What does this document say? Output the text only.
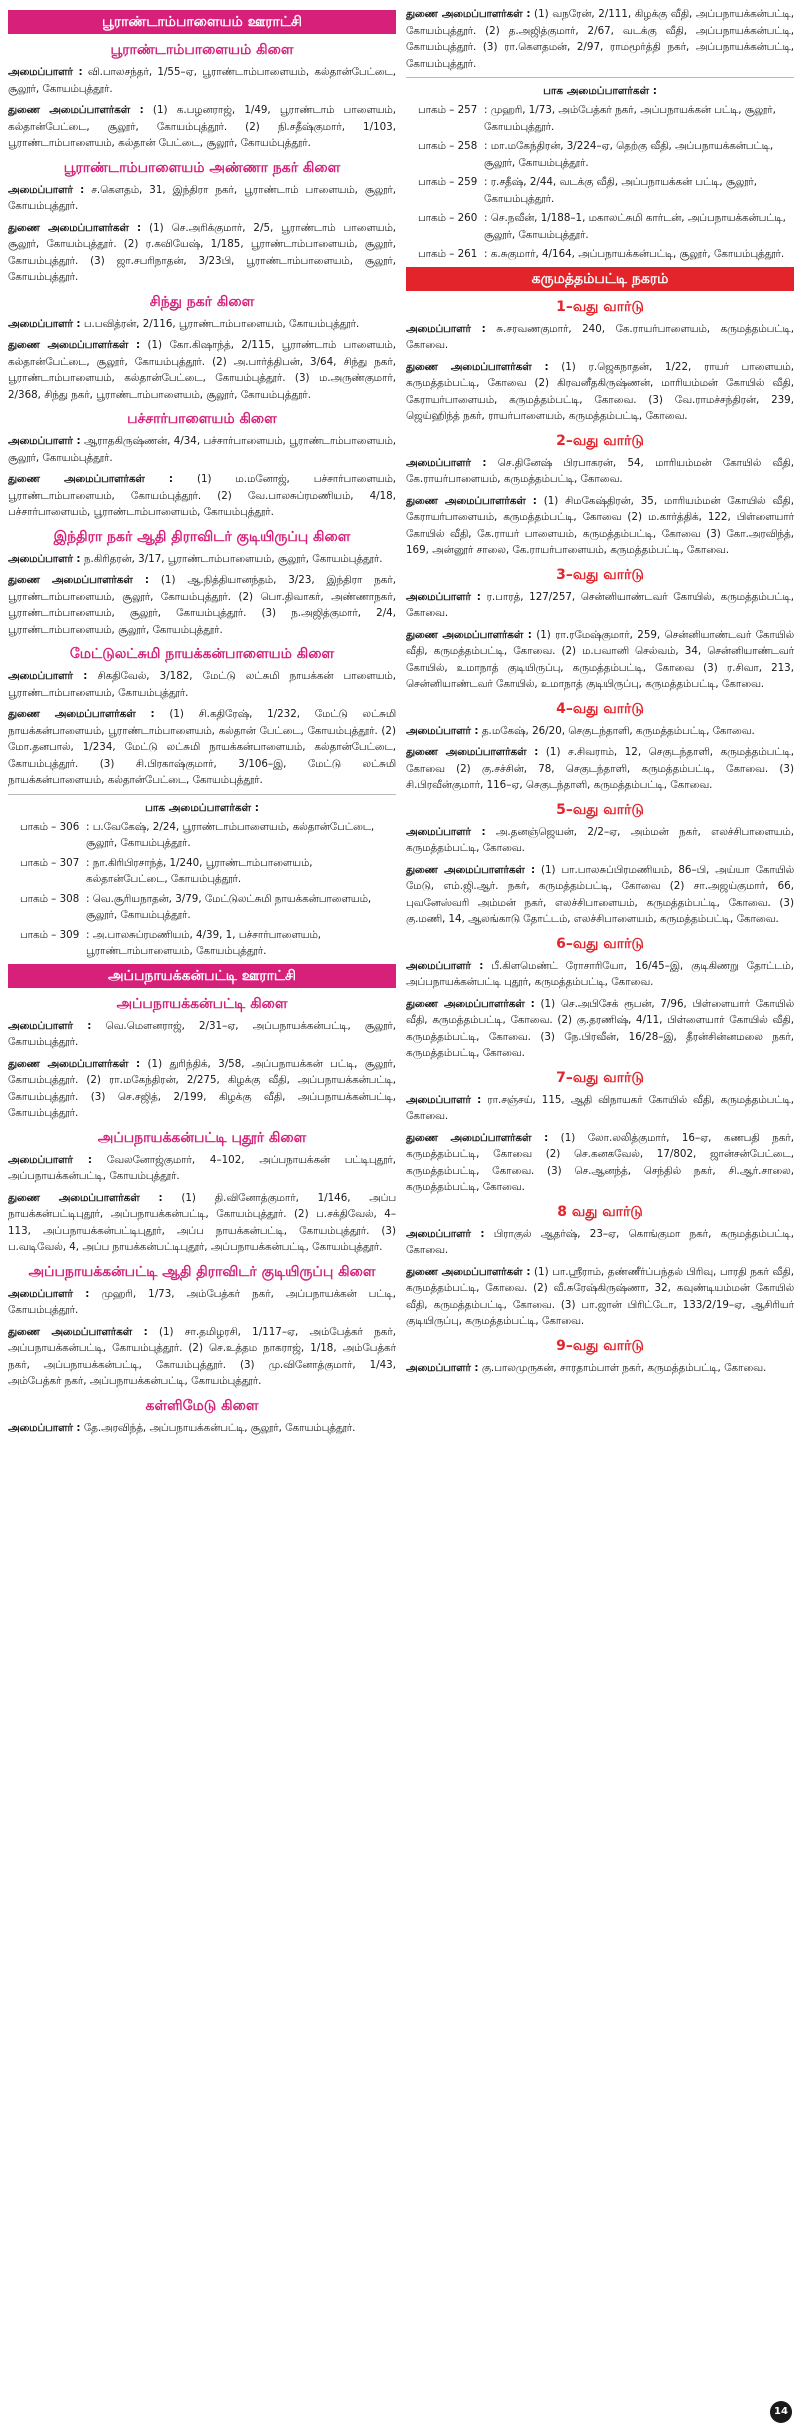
பூராண்டாம்பாளையம் ஊராட்சி
பூராண்டாம்பாளையம் கிளை

அமைப்பாளர் : வி.பாலசந்தர், 1/55–ஏ, பூராண்டாம்பாளையம், கல்தான்பேட்டை, சூலூர், கோயம்புத்தூர்.

துணை அமைப்பாளர்கள் : (1) க.பழனராஜ், 1/49, பூராண்டாம் பாளையம், கல்தான்பேட்டை, சூலூர், கோயம்புத்தூர். (2) நி.சதீஷ்குமார், 1/103, பூராண்டாம்பாளையம், கல்தான் பேட்டை, சூலூர், கோயம்புத்தூர்.

பூராண்டாம்பாளையம் அண்ணா நகர் கிளை

அமைப்பாளர் : ச.கௌதம், 31, இந்திரா நகர், பூராண்டாம் பாளையம், சூலூர், கோயம்புத்தூர்.

துணை அமைப்பாளர்கள் : (1) செ.அரிக்குமார், 2/5, பூராண்டாம் பாளையம், சூலூர், கோயம்புத்தூர். (2) ர.கவியேஷ், 1/185, பூராண்டாம்பாளையம், சூலூர், கோயம்புத்தூர். (3) ஜா.சபரிநாதன், 3/23பி, பூராண்டாம்பாளையம், சூலூர், கோயம்புத்தூர்.

சிந்து நகர் கிளை

அமைப்பாளர் : ப.பவித்ரன், 2/116, பூராண்டாம்பாளையம், கோயம்புத்தூர்.

துணை அமைப்பாளர்கள் : (1) கோ.கிஷாந்த், 2/115, பூராண்டாம் பாளையம், கல்தான்பேட்டை, சூலூர், கோயம்புத்தூர். (2) அ.பார்த்திபன், 3/64, சிந்து நகர், பூராண்டாம்பாளையம், கல்தான்பேட்டை, கோயம்புத்தூர். (3) ம.அருண்குமார், 2/368, சிந்து நகர், பூராண்டாம்பாளையம், சூலூர், கோயம்புத்தூர்.

பச்சார்பாளையம் கிளை

அமைப்பாளர் : ஆராதகிருஷ்ணன், 4/34, பச்சார்பாளையம், பூராண்டாம்பாளையம், சூலூர், கோயம்புத்தூர்.

துணை அமைப்பாளர்கள் : (1) ம.மனோஜ், பச்சார்பாளையம், பூராண்டாம்பாளையம், கோயம்புத்தூர். (2) வே.பாலசுப்ரமணியம், 4/18, பச்சார்பாளையம், பூராண்டாம்பாளையம், கோயம்புத்தூர்.

இந்திரா நகர் ஆதி திராவிடர் குடியிருப்பு கிளை

அமைப்பாளர் : ந.கிரிதரன், 3/17, பூராண்டாம்பாளையம், சூலூர், கோயம்புத்தூர்.

துணை அமைப்பாளர்கள் : (1) ஆ.நித்தியானந்தம், 3/23, இந்திரா நகர், பூராண்டாம்பாளையம், சூலூர், கோயம்புத்தூர். (2) பொ.திவாகர், அண்ணாநகர், பூராண்டாம்பாளையம், சூலூர், கோயம்புத்தூர். (3) ந.அஜித்குமார், 2/4, பூராண்டாம்பாளையம், சூலூர், கோயம்புத்தூர்.

மேட்டுலட்சுமி நாயக்கன்பாளையம் கிளை

அமைப்பாளர் : சிகதிவேல், 3/182, மேட்டு லட்சுமி நாயக்கன் பாளையம், பூராண்டாம்பாளையம், கோயம்புத்தூர்.

துணை அமைப்பாளர்கள் : (1) சி.கதிரேஷ், 1/232, மேட்டு லட்சுமி நாயக்கன்பாளையம், பூராண்டாம்பாளையம், கல்தான் பேட்டை, கோயம்புத்தூர். (2) மோ.தனபால், 1/234, மேட்டு லட்சுமி நாயக்கன்பாளையம், கல்தான்பேட்டை, கோயம்புத்தூர். (3) சி.பிரகாஷ்குமார், 3/106–இ, மேட்டு லட்சுமி நாயக்கன்பாளையம், கல்தான்பேட்டை, கோயம்புத்தூர்.

பாக அமைப்பாளர்கள் :
பாகம் – 306 : ப.வேகேஷ், 2/24, பூராண்டாம்பாளையம், கல்தான்பேட்டை, சூலூர், கோயம்புத்தூர்.
பாகம் – 307 : நா.கிரிபிரசாந்த், 1/240, பூராண்டாம்பாளையம், கல்தான்பேட்டை, கோயம்புத்தூர்.
பாகம் – 308 : வெ.சூரியநாதன், 3/79, மேட்டுலட்சுமி நாயக்கன்பாளையம், சூலூர், கோயம்புத்தூர்.
பாகம் – 309 : அ.பாலசுப்ரமணியம், 4/39, 1, பச்சார்பாளையம், பூராண்டாம்பாளையம், கோயம்புத்தூர்.
அப்பநாயக்கன்பட்டி ஊராட்சி
அப்பநாயக்கன்பட்டி கிளை

அமைப்பாளர் : வெ.மௌனராஜ், 2/31–ஏ, அப்பநாயக்கன்பட்டி, சூலூர், கோயம்புத்தூர்.

துணை அமைப்பாளர்கள் : (1) துரிந்திக், 3/58, அப்பநாயக்கன் பட்டி, சூலூர், கோயம்புத்தூர். (2) ரா.மகேந்திரன், 2/275, கிழக்கு வீதி, அப்பநாயக்கன்பட்டி, கோயம்புத்தூர். (3) செ.சஜித், 2/199, கிழக்கு வீதி, அப்பநாயக்கன்பட்டி, கோயம்புத்தூர்.

அப்பநாயக்கன்பட்டி புதூர் கிளை

அமைப்பாளர் : வேலனோஜ்குமார், 4–102, அப்பநாயக்கன் பட்டிபுதூர், அப்பநாயக்கன்பட்டி, கோயம்புத்தூர்.

துணை அமைப்பாளர்கள் : (1) தி.வினோத்குமார், 1/146, அப்ப நாயக்கன்பட்டிபுதூர், அப்பநாயக்கன்பட்டி, கோயம்புத்தூர். (2) ப.சக்திவேல், 4–113, அப்பநாயக்கன்பட்டிபுதூர், அப்ப நாயக்கன்பட்டி, கோயம்புத்தூர். (3) ப.வடிவேல், 4, அப்ப நாயக்கன்பட்டிபுதூர், அப்பநாயக்கன்பட்டி, கோயம்புத்தூர்.

அப்பநாயக்கன்பட்டி ஆதி திராவிடர் குடியிருப்பு கிளை

அமைப்பாளர் : முஹரி, 1/73, அம்பேத்கர் நகர், அப்பநாயக்கன் பட்டி, கோயம்புத்தூர்.

துணை அமைப்பாளர்கள் : (1) சா.தமிழரசி, 1/117–ஏ, அம்பேத்கர் நகர், அப்பநாயக்கன்பட்டி, கோயம்புத்தூர். (2) செ.உத்தம நாகராஜ், 1/18, அம்பேத்கர் நகர், அப்பநாயக்கன்பட்டி, கோயம்புத்தூர். (3) மு.வினோத்குமார், 1/43, அம்பேத்கர் நகர், அப்பநாயக்கன்பட்டி, கோயம்புத்தூர்.

கள்ளிமேடு கிளை

அமைப்பாளர் : தே.அரவிந்த், அப்பநாயக்கன்பட்டி, சூலூர், கோயம்புத்தூர்.

துணை அமைப்பாளர்கள் : (1) வநரேன், 2/111, கிழக்கு வீதி, அப்பநாயக்கன்பட்டி, கோயம்புத்தூர். (2) த.அஜித்குமார், 2/67, வடக்கு வீதி, அப்பநாயக்கன்பட்டி, கோயம்புத்தூர். (3) ரா.கௌதமன், 2/97, ராமமூர்த்தி நகர், அப்பநாயக்கன்பட்டி, கோயம்புத்தூர்.

பாக அமைப்பாளர்கள் :
பாகம் – 257 : முஹரி, 1/73, அம்பேத்கர் நகர், அப்பநாயக்கன் பட்டி, சூலூர், கோயம்புத்தூர்.
பாகம் – 258 : மா.மகேந்திரன், 3/224–ஏ, தெற்கு வீதி, அப்பநாயக்கன்பட்டி, சூலூர், கோயம்புத்தூர்.
பாகம் – 259 : ர.சதீஷ், 2/44, வடக்கு வீதி, அப்பநாயக்கன் பட்டி, சூலூர், கோயம்புத்தூர்.
பாகம் – 260 : செ.நவீன், 1/188–1, மகாலட்சுமி கார்டன், அப்பநாயக்கன்பட்டி, சூலூர், கோயம்புத்தூர்.
பாகம் – 261 : க.சுகுமார், 4/164, அப்பநாயக்கன்பட்டி, சூலூர், கோயம்புத்தூர்.
கருமத்தம்பட்டி நகரம்
1–வது வார்டு

அமைப்பாளர் : சு.சரவணகுமார், 240, கே.ராயர்பாளையம், கருமத்தம்பட்டி, கோவை.

துணை அமைப்பாளர்கள் : (1) ர.ஜெகநாதன், 1/22, ராயர் பாளையம், கருமத்தம்பட்டி, கோவை (2) கிரவனீதகிருஷ்ணன், மாரியம்மன் கோயில் வீதி, கேராயர்பாளையம், கருமத்தம்பட்டி, கோவை. (3) வே.ராமச்சந்திரன், 239, ஜெய்ஹிந்த் நகர், ராயர்பாளையம், கருமத்தம்பட்டி, கோவை.

2–வது வார்டு

அமைப்பாளர் : செ.தினேஷ் பிரபாகரன், 54, மாரியம்மன் கோயில் வீதி, கே.ராயர்பாளையம், கருமத்தம்பட்டி, கோவை.

துணை அமைப்பாளர்கள் : (1) சிமகேஷ்திரன், 35, மாரியம்மன் கோயில் வீதி, கேராயர்பாளையம், கருமத்தம்பட்டி, கோவை (2) ம.கார்த்திக், 122, பிள்ளையார் கோயில் வீதி, கே.ராயர் பாளையம், கருமத்தம்பட்டி, கோவை (3) கோ.அரவிந்த், 169, அன்னூர் சாலை, கே.ராயர்பாளையம், கருமத்தம்பட்டி, கோவை.

3–வது வார்டு

அமைப்பாளர் : ர.பாரத், 127/257, சென்னியாண்டவர் கோயில், கருமத்தம்பட்டி, கோவை.

துணை அமைப்பாளர்கள் : (1) ரா.ரமேஷ்குமார், 259, சென்னியாண்டவர் கோயில் வீதி, கருமத்தம்பட்டி, கோவை. (2) ம.பவானி செல்வம், 34, சென்னியாண்டவர் கோயில், உமாநாத் குடியிருப்பு, கருமத்தம்பட்டி, கோவை (3) ர.சிவா, 213, சென்னியாண்டவர் கோயில், உமாநாத் குடியிருப்பு, கருமத்தம்பட்டி, கோவை.

4–வது வார்டு

அமைப்பாளர் : த.மகேஷ், 26/20, செகுடந்தாளி, கருமத்தம்பட்டி, கோவை.

துணை அமைப்பாளர்கள் : (1) ச.சிவராம், 12, செகுடந்தாளி, கருமத்தம்பட்டி, கோவை (2) கு.சச்சின், 78, செகுடந்தாளி, கருமத்தம்பட்டி, கோவை. (3) சி.பிரவீன்குமார், 116–ஏ, செகுடந்தாளி, கருமத்தம்பட்டி, கோவை.

5–வது வார்டு

அமைப்பாளர் : அ.தனஞ்ஜெயன், 2/2–ஏ, அம்மன் நகர், எலச்சிபாளையம், கருமத்தம்பட்டி, கோவை.

துணை அமைப்பாளர்கள் : (1) பா.பாலசுப்பிரமணியம், 86–பி, அய்யா கோயில் மேடு, எம்.ஜி.ஆர். நகர், கருமத்தம்பட்டி, கோவை (2) சா.அஜய்குமார், 66, புவனேஸ்வரி அம்மன் நகர், எலச்சிபாளையம், கருமத்தம்பட்டி, கோவை. (3) கு.மணி, 14, ஆலங்காடு தோட்டம், எலச்சிபாளையம், கருமத்தம்பட்டி, கோவை.

6–வது வார்டு

அமைப்பாளர் : பீ.கிளமெண்ட் ரோசாரியோ, 16/45–இ, குடிகிணறு தோட்டம், அப்பநாயக்கன்பட்டி புதூர், கருமத்தம்பட்டி, கோவை.

துணை அமைப்பாளர்கள் : (1) செ.அபிசேக் ரூபன், 7/96, பிள்ளையார் கோயில் வீதி, கருமத்தம்பட்டி, கோவை. (2) கு.தரணிஷ், 4/11, பிள்ளையார் கோயில் வீதி, கருமத்தம்பட்டி, கோவை. (3) நே.பிரவீன், 16/28–இ, தீரன்சின்னமலை நகர், கருமத்தம்பட்டி, கோவை.

7–வது வார்டு

அமைப்பாளர் : ரா.சஞ்சய், 115, ஆதி விநாயகர் கோயில் வீதி, கருமத்தம்பட்டி, கோவை.

துணை அமைப்பாளர்கள் : (1) லோ.லலித்குமார், 16–ஏ, கணபதி நகர், கருமத்தம்பட்டி, கோவை (2) செ.கனகவேல், 17/802, ஜான்சன்பேட்டை, கருமத்தம்பட்டி, கோவை. (3) செ.ஆனந்த், செந்தில் நகர், சி.ஆர்.சாலை, கருமத்தம்பட்டி, கோவை.

8 வது வார்டு

அமைப்பாளர் : பிராகுல் ஆதர்ஷ், 23–ஏ, கொங்குமா நகர், கருமத்தம்பட்டி, கோவை.

துணை அமைப்பாளர்கள் : (1) பா.ஸ்ரீராம், தண்ணீர்ப்பந்தல் பிரிவு, பாரதி நகர் வீதி, கருமத்தம்பட்டி, கோவை. (2) வீ.சுரேஷ்கிருஷ்ணா, 32, கவுண்டியம்மன் கோயில் வீதி, கருமத்தம்பட்டி, கோவை. (3) பா.ஜான் பிரிட்டோ, 133/2/19–ஏ, ஆசிரியர் குடியிருப்பு, கருமத்தம்பட்டி, கோவை.

9–வது வார்டு

அமைப்பாளர் : கு.பாலமுருகன், சாரதாம்பாள் நகர், கருமத்தம்பட்டி, கோவை.

14
